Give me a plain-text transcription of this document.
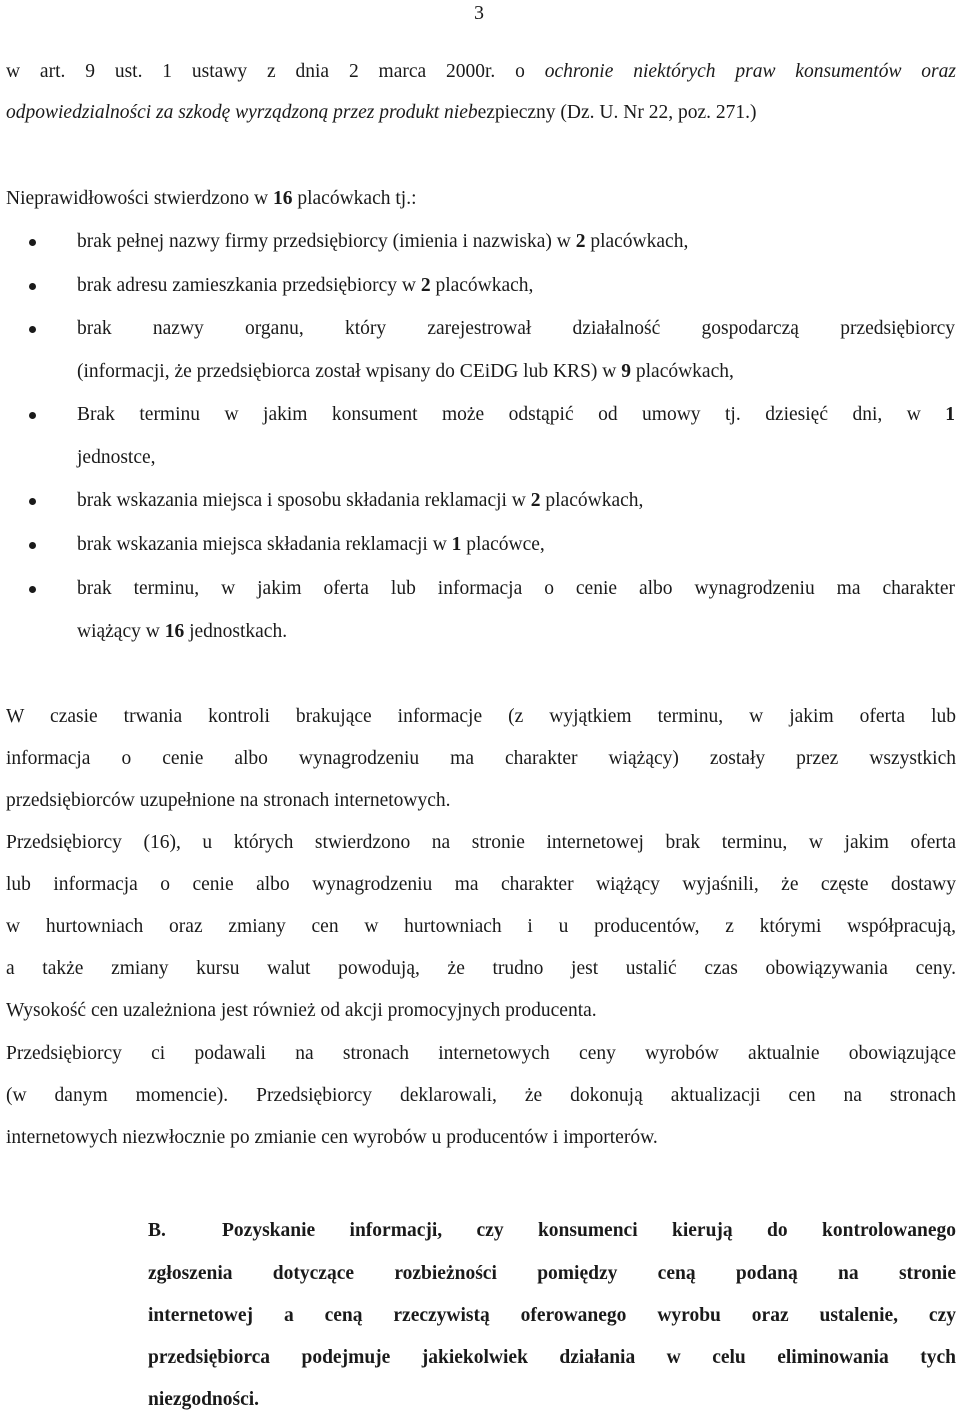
3
w art. 9 ust. 1 ustawy z dnia 2 marca 2000r. o ochronie niektórych praw konsumentów oraz
odpowiedzialności za szkodę wyrządzoną przez produkt niebezpieczny (Dz. U. Nr 22, poz. 271.)
Nieprawidłowości stwierdzono w 16 placówkach tj.:
brak pełnej nazwy firmy przedsiębiorcy (imienia i nazwiska) w 2 placówkach,
brak adresu zamieszkania przedsiębiorcy w 2 placówkach,
brak nazwy organu, który zarejestrował działalność gospodarczą przedsiębiorcy
(informacji, że przedsiębiorca został wpisany do CEiDG lub KRS) w 9 placówkach,
Brak terminu w jakim konsument może odstąpić od umowy tj. dziesięć dni, w 1
jednostce,
brak wskazania miejsca i sposobu składania reklamacji w 2 placówkach,
brak wskazania miejsca składania reklamacji w 1 placówce,
brak terminu, w jakim oferta lub informacja o cenie albo wynagrodzeniu ma charakter
wiążący w 16 jednostkach.
W czasie trwania kontroli brakujące informacje (z wyjątkiem terminu, w jakim oferta lub
informacja o cenie albo wynagrodzeniu ma charakter wiążący) zostały przez wszystkich
przedsiębiorców uzupełnione na stronach internetowych.
Przedsiębiorcy (16), u których stwierdzono na stronie internetowej brak terminu, w jakim oferta
lub informacja o cenie albo wynagrodzeniu ma charakter wiążący wyjaśnili, że częste dostawy
w hurtowniach oraz zmiany cen w hurtowniach i u producentów, z którymi współpracują,
a także zmiany kursu walut powodują, że trudno jest ustalić czas obowiązywania ceny.
Wysokość cen uzależniona jest również od akcji promocyjnych producenta.
Przedsiębiorcy ci podawali na stronach internetowych ceny wyrobów aktualnie obowiązujące
(w danym momencie). Przedsiębiorcy deklarowali, że dokonują aktualizacji cen na stronach
internetowych niezwłocznie po zmianie cen wyrobów u producentów i importerów.
B.	Pozyskanie informacji, czy konsumenci kierują do kontrolowanego
zgłoszenia dotyczące rozbieżności pomiędzy ceną podaną na stronie
internetowej a ceną rzeczywistą oferowanego wyrobu oraz ustalenie, czy
przedsiębiorca podejmuje jakiekolwiek działania w celu eliminowania tych
niezgodności.
